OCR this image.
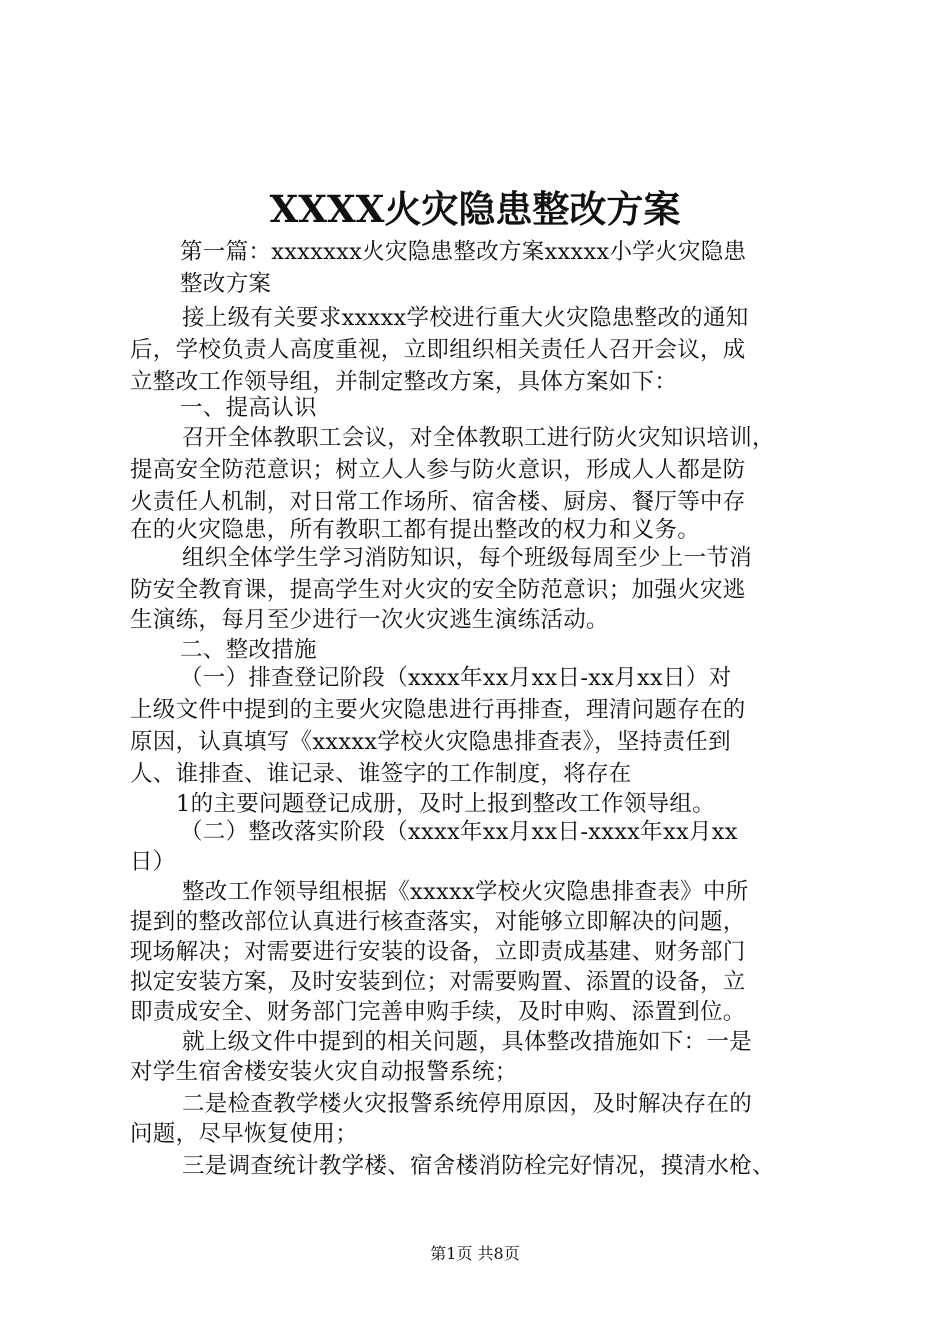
XXXX火灾隐患整改方案
第一篇：xxxxxxx火灾隐患整改方案xxxxx小学火灾隐患
整改方案
接上级有关要求xxxxx学校进行重大火灾隐患整改的通知
后，学校负责人高度重视，立即组织相关责任人召开会议，成
立整改工作领导组，并制定整改方案，具体方案如下：
一、提高认识
召开全体教职工会议，对全体教职工进行防火灾知识培训，
提高安全防范意识；树立人人参与防火意识，形成人人都是防
火责任人机制，对日常工作场所、宿舍楼、厨房、餐厅等中存
在的火灾隐患，所有教职工都有提出整改的权力和义务。
组织全体学生学习消防知识，每个班级每周至少上一节消
防安全教育课，提高学生对火灾的安全防范意识；加强火灾逃
生演练，每月至少进行一次火灾逃生演练活动。
二、整改措施
（一）排查登记阶段（xxxx年xx月xx日-xx月xx日）对
上级文件中提到的主要火灾隐患进行再排查，理清问题存在的
原因，认真填写《xxxxx学校火灾隐患排查表》，坚持责任到
人、谁排查、谁记录、谁签字的工作制度，将存在
1的主要问题登记成册，及时上报到整改工作领导组。
（二）整改落实阶段（xxxx年xx月xx日-xxxx年xx月xx
日）
整改工作领导组根据《xxxxx学校火灾隐患排查表》中所
提到的整改部位认真进行核查落实，对能够立即解决的问题，
现场解决；对需要进行安装的设备，立即责成基建、财务部门
拟定安装方案，及时安装到位；对需要购置、添置的设备，立
即责成安全、财务部门完善申购手续，及时申购、添置到位。
就上级文件中提到的相关问题，具体整改措施如下：一是
对学生宿舍楼安装火灾自动报警系统；
二是检查教学楼火灾报警系统停用原因，及时解决存在的
问题，尽早恢复使用；
三是调查统计教学楼、宿舍楼消防栓完好情况，摸清水枪、
第1页 共8页
